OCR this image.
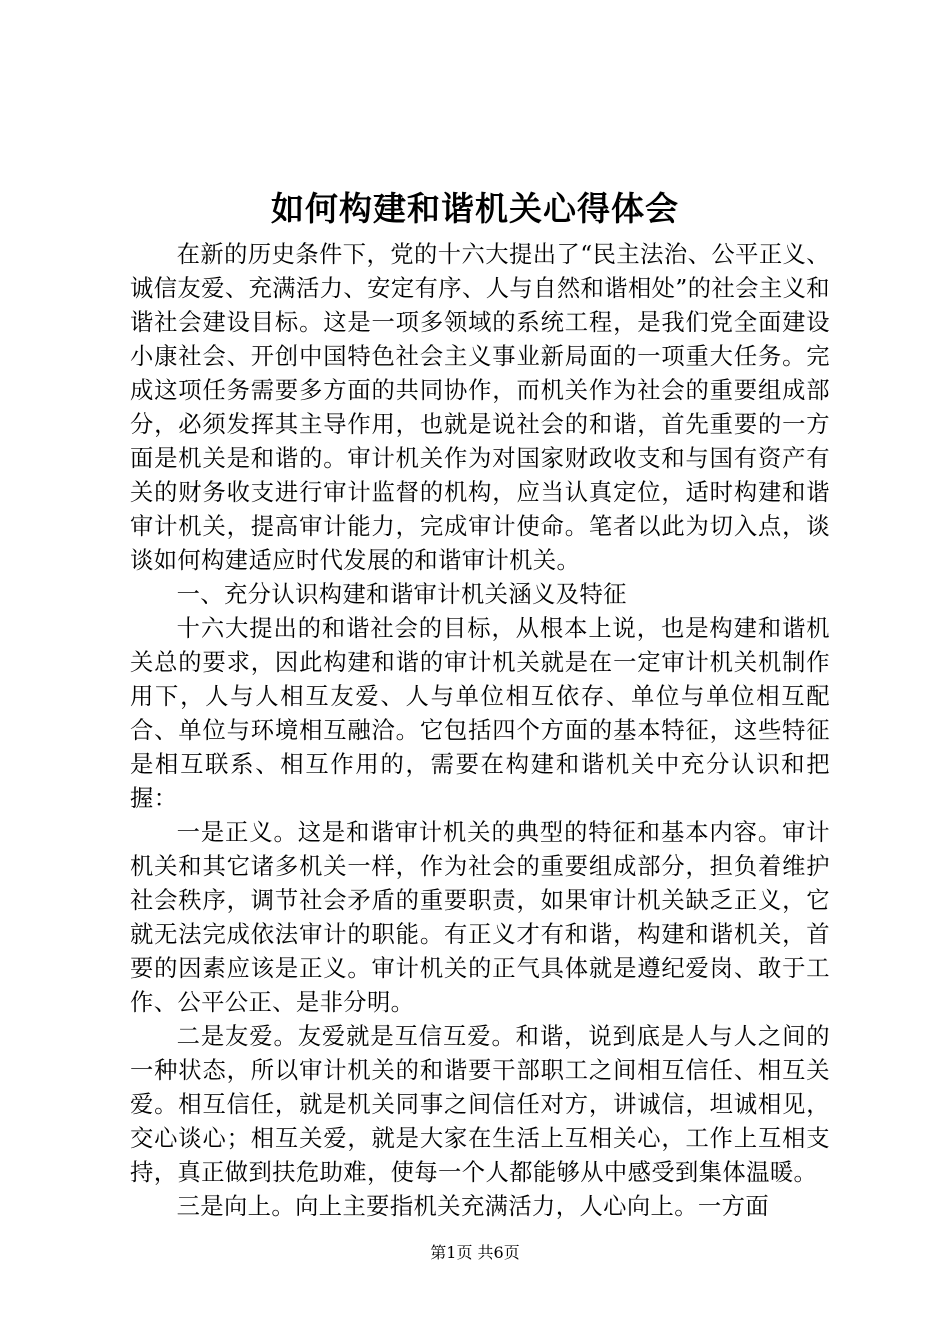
如何构建和谐机关心得体会

在新的历史条件下，党的十六大提出了“民主法治、公平正义、诚信友爱、充满活力、安定有序、人与自然和谐相处”的社会主义和谐社会建设目标。这是一项多领域的系统工程，是我们党全面建设小康社会、开创中国特色社会主义事业新局面的一项重大任务。完成这项任务需要多方面的共同协作，而机关作为社会的重要组成部分，必须发挥其主导作用，也就是说社会的和谐，首先重要的一方面是机关是和谐的。审计机关作为对国家财政收支和与国有资产有关的财务收支进行审计监督的机构，应当认真定位，适时构建和谐审计机关，提高审计能力，完成审计使命。笔者以此为切入点，谈谈如何构建适应时代发展的和谐审计机关。

一、充分认识构建和谐审计机关涵义及特征

十六大提出的和谐社会的目标，从根本上说，也是构建和谐机关总的要求，因此构建和谐的审计机关就是在一定审计机关机制作用下，人与人相互友爱、人与单位相互依存、单位与单位相互配合、单位与环境相互融洽。它包括四个方面的基本特征，这些特征是相互联系、相互作用的，需要在构建和谐机关中充分认识和把握：

一是正义。这是和谐审计机关的典型的特征和基本内容。审计机关和其它诸多机关一样，作为社会的重要组成部分，担负着维护社会秩序，调节社会矛盾的重要职责，如果审计机关缺乏正义，它就无法完成依法审计的职能。有正义才有和谐，构建和谐机关，首要的因素应该是正义。审计机关的正气具体就是遵纪爱岗、敢于工作、公平公正、是非分明。

二是友爱。友爱就是互信互爱。和谐，说到底是人与人之间的一种状态，所以审计机关的和谐要干部职工之间相互信任、相互关爱。相互信任，就是机关同事之间信任对方，讲诚信，坦诚相见，交心谈心；相互关爱，就是大家在生活上互相关心，工作上互相支持，真正做到扶危助难，使每一个人都能够从中感受到集体温暖。

三是向上。向上主要指机关充满活力，人心向上。一方面

第1页 共6页
